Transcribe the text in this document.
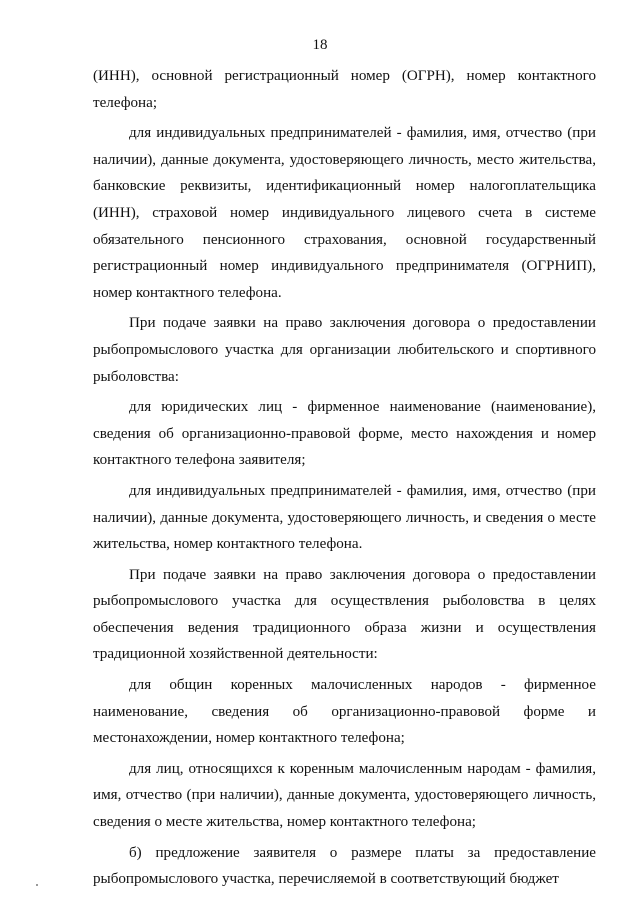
18

(ИНН), основной регистрационный номер (ОГРН), номер контактного телефона;

для индивидуальных предпринимателей - фамилия, имя, отчество (при наличии), данные документа, удостоверяющего личность, место жительства, банковские реквизиты, идентификационный номер налогоплательщика (ИНН), страховой номер индивидуального лицевого счета в системе обязательного пенсионного страхования, основной государственный регистрационный номер индивидуального предпринимателя (ОГРНИП), номер контактного телефона.

При подаче заявки на право заключения договора о предоставлении рыбопромыслового участка для организации любительского и спортивного рыболовства:

для юридических лиц - фирменное наименование (наименование), сведения об организационно-правовой форме, место нахождения и номер контактного телефона заявителя;

для индивидуальных предпринимателей - фамилия, имя, отчество (при наличии), данные документа, удостоверяющего личность, и сведения о месте жительства, номер контактного телефона.

При подаче заявки на право заключения договора о предоставлении рыбопромыслового участка для осуществления рыболовства в целях обеспечения ведения традиционного образа жизни и осуществления традиционной хозяйственной деятельности:

для общин коренных малочисленных народов - фирменное наименование, сведения об организационно-правовой форме и местонахождении, номер контактного телефона;

для лиц, относящихся к коренным малочисленным народам - фамилия, имя, отчество (при наличии), данные документа, удостоверяющего личность, сведения о месте жительства, номер контактного телефона;

б) предложение заявителя о размере платы за предоставление рыбопромыслового участка, перечисляемой в соответствующий бюджет
